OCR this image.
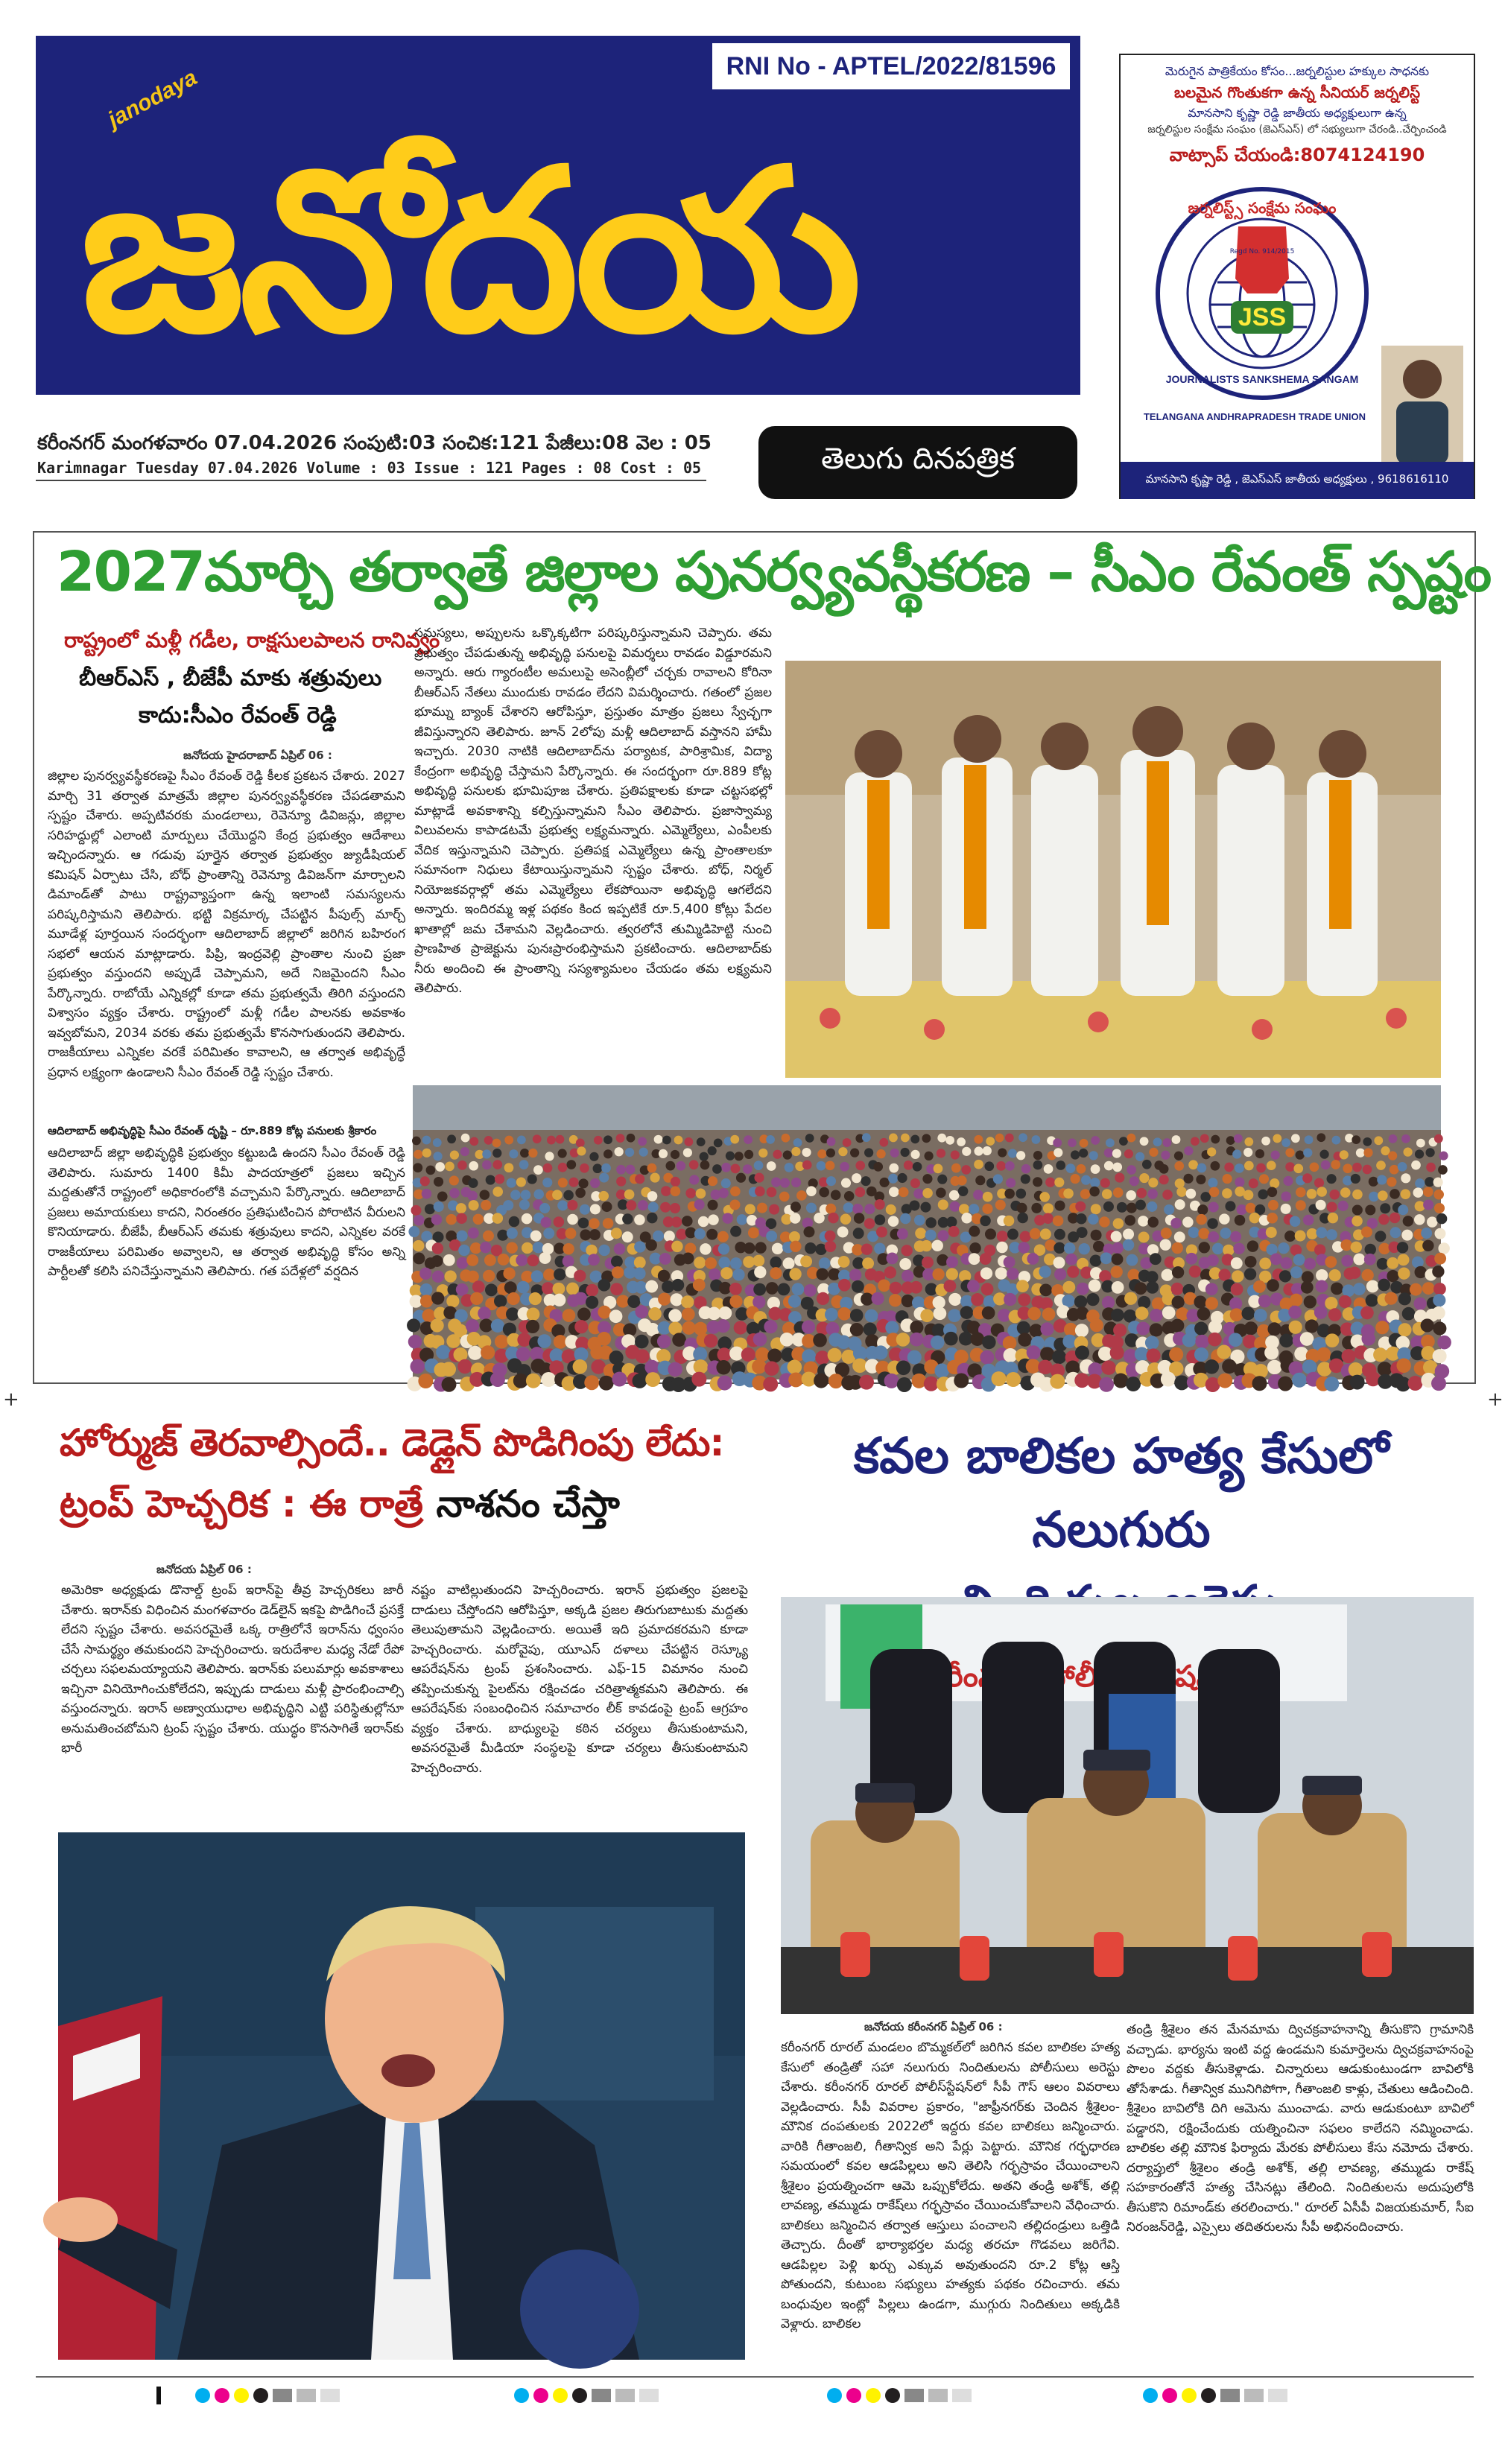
RNI No - APTEL/2022/81596
janodaya
జనోదయ
కరీంనగర్ మంగళవారం 07.04.2026 సంపుటి:03 సంచిక:121 పేజీలు:08 వెల : 05
Karimnagar Tuesday 07.04.2026 Volume : 03 Issue : 121 Pages : 08 Cost : 05	తెలుగు దినపత్రిక
మెరుగైన పాత్రికేయం కోసం...జర్నలిస్టుల హక్కుల సాధనకు
బలమైన గొంతుకగా ఉన్న సీనియర్ జర్నలిస్ట్
మానసాని కృష్ణా రెడ్డి జాతీయ అధ్యక్షులుగా ఉన్న
జర్నలిస్టుల సంక్షేమ సంఘం (జెఎస్ఎస్) లో సభ్యులుగా చేరండి..చేర్పించండి
వాట్సాప్ చేయండి:8074124190
JSS
జర్నలిస్ట్స్ సంక్షేమ సంఘం
Regd No. 914/2015
JOURNALISTS SANKSHEMA SANGAM
TELANGANA ANDHRAPRADESH TRADE UNION
మానసాని కృష్ణా రెడ్డి , జెఎస్ఎస్ జాతీయ అధ్యక్షులు , 9618616110
2027మార్చి తర్వాతే జిల్లాల పునర్వ్యవస్థీకరణ – సీఎం రేవంత్ స్పష్టం
రాష్ట్రంలో మళ్లీ గడీల, రాక్షసులపాలన రానివ్వం
బీఆర్ఎస్ , బీజేపీ మాకు శత్రువులు
కాదు:సీఎం రేవంత్ రెడ్డి
జనోదయ హైదరాబాద్ ఏప్రిల్ 06 :
జిల్లాల పునర్వ్యవస్థీకరణపై సీఎం రేవంత్ రెడ్డి కీలక ప్రకటన చేశారు. 2027 మార్చి 31 తర్వాత మాత్రమే జిల్లాల పునర్వ్యవస్థీకరణ చేపడతామని స్పష్టం చేశారు. అప్పటివరకు మండలాలు, రెవెన్యూ డివిజన్లు, జిల్లాల సరిహద్దుల్లో ఎలాంటి మార్పులు చేయొద్దని కేంద్ర ప్రభుత్వం ఆదేశాలు ఇచ్చిందన్నారు. ఆ గడువు పూర్తైన తర్వాత ప్రభుత్వం జ్యుడీషియల్ కమిషన్ ఏర్పాటు చేసి, బోధ్ ప్రాంతాన్ని రెవెన్యూ డివిజన్‌గా మార్చాలని డిమాండ్‌తో పాటు రాష్ట్రవ్యాప్తంగా ఉన్న ఇలాంటి సమస్యలను పరిష్కరిస్తామని తెలిపారు. భట్టి విక్రమార్క చేపట్టిన పీపుల్స్ మార్చ్ మూడేళ్ల పూర్తయిన సందర్భంగా ఆదిలాబాద్ జిల్లాలో జరిగిన బహిరంగ సభలో ఆయన మాట్లాడారు. పిప్రి, ఇంద్రవెల్లి ప్రాంతాల నుంచి ప్రజా ప్రభుత్వం వస్తుందని అప్పుడే చెప్పామని, అదే నిజమైందని సీఎం పేర్కొన్నారు. రాబోయే ఎన్నికల్లో కూడా తమ ప్రభుత్వమే తిరిగి వస్తుందని విశ్వాసం వ్యక్తం చేశారు. రాష్ట్రంలో మళ్లీ గడీల పాలనకు అవకాశం ఇవ్వబోమని, 2034 వరకు తమ ప్రభుత్వమే కొనసాగుతుందని తెలిపారు. రాజకీయాలు ఎన్నికల వరకే పరిమితం కావాలని, ఆ తర్వాత అభివృద్ధే ప్రధాన లక్ష్యంగా ఉండాలని సీఎం రేవంత్ రెడ్డి స్పష్టం చేశారు.
ఆదిలాబాద్ అభివృద్ధిపై సీఎం రేవంత్ దృష్టి – రూ.889 కోట్ల పనులకు శ్రీకారం
ఆదిలాబాద్ జిల్లా అభివృద్ధికి ప్రభుత్వం కట్టుబడి ఉందని సీఎం రేవంత్ రెడ్డి తెలిపారు. సుమారు 1400 కిమీ పాదయాత్రలో ప్రజలు ఇచ్చిన మద్దతుతోనే రాష్ట్రంలో అధికారంలోకి వచ్చామని పేర్కొన్నారు. ఆదిలాబాద్ ప్రజలు అమాయకులు కాదని, నిరంతరం ప్రతిఘటించిన పోరాటిన వీరులని కొనియాడారు. బీజేపీ, బీఆర్ఎస్ తమకు శత్రువులు కాదని, ఎన్నికల వరకే రాజకీయాలు పరిమితం అవ్వాలని, ఆ తర్వాత అభివృద్ధి కోసం అన్ని పార్టీలతో కలిసి పనిచేస్తున్నామని తెలిపారు. గత పదేళ్లలో వర్షదిన
సమస్యలు, అప్పులను ఒక్కొక్కటిగా పరిష్కరిస్తున్నామని చెప్పారు. తమ ప్రభుత్వం చేపడుతున్న అభివృద్ధి పనులపై విమర్శలు రావడం విడ్డూరమని అన్నారు. ఆరు గ్యారంటీల అమలుపై అసెంబ్లీలో చర్చకు రావాలని కోరినా బీఆర్ఎస్ నేతలు ముందుకు రావడం లేదని విమర్శించారు. గతంలో ప్రజల భూమ్ను బ్యాంక్ చేశారని ఆరోపిస్తూ, ప్రస్తుతం మాత్రం ప్రజలు స్వేచ్ఛగా జీవిస్తున్నారని తెలిపారు. జూన్ 2లోపు మళ్లీ ఆదిలాబాద్ వస్తానని హామీ ఇచ్చారు. 2030 నాటికి ఆదిలాబాద్‌ను పర్యాటక, పారిశ్రామిక, విద్యా కేంద్రంగా అభివృద్ధి చేస్తామని పేర్కొన్నారు. ఈ సందర్భంగా రూ.889 కోట్ల అభివృద్ధి పనులకు భూమిపూజ చేశారు. ప్రతిపక్షాలకు కూడా చట్టసభల్లో మాట్లాడే అవకాశాన్ని కల్పిస్తున్నామని సీఎం తెలిపారు. ప్రజాస్వామ్య విలువలను కాపాడటమే ప్రభుత్వ లక్ష్యమన్నారు. ఎమ్మెల్యేలు, ఎంపీలకు వేదిక ఇస్తున్నామని చెప్పారు. ప్రతిపక్ష ఎమ్మెల్యేలు ఉన్న ప్రాంతాలకూ సమానంగా నిధులు కేటాయిస్తున్నామని స్పష్టం చేశారు. బోధ్, నిర్మల్ నియోజకవర్గాల్లో తమ ఎమ్మెల్యేలు లేకపోయినా అభివృద్ధి ఆగలేదని అన్నారు. ఇందిరమ్మ ఇళ్ల పథకం కింద ఇప్పటికే రూ.5,400 కోట్లు పేదల ఖాతాల్లో జమ చేశామని వెల్లడించారు. త్వరలోనే తుమ్మిడిహెట్టి నుంచి ప్రాణహిత ప్రాజెక్టును పునఃప్రారంభిస్తామని ప్రకటించారు. ఆదిలాబాద్‌కు నీరు అందించి ఈ ప్రాంతాన్ని సస్యశ్యామలం చేయడం తమ లక్ష్యమని తెలిపారు.
+	+
హోర్ముజ్ తెరవాల్సిందే.. డెడ్లైన్ పొడిగింపు లేదు:
ట్రంప్ హెచ్చరిక : ఈ రాత్రే నాశనం చేస్తా
జనోదయ ఏప్రిల్ 06 :
అమెరికా అధ్యక్షుడు డొనాల్డ్ ట్రంప్ ఇరాన్‌పై తీవ్ర హెచ్చరికలు జారీ చేశారు. ఇరాన్‌కు విధించిన మంగళవారం డెడ్‌లైన్ ఇకపై పొడిగించే ప్రసక్తే లేదని స్పష్టం చేశారు. అవసరమైతే ఒక్క రాత్రిలోనే ఇరాన్‌ను ధ్వంసం చేసే సామర్థ్యం తమకుందని హెచ్చరించారు. ఇరుదేశాల మధ్య నేడో రేపో చర్చలు సఫలమయ్యాయని తెలిపారు. ఇరాన్‌కు పలుమార్లు అవకాశాలు ఇచ్చినా వినియోగించుకోలేదని, ఇప్పుడు దాడులు మళ్లీ ప్రారంభించాల్సి వస్తుందన్నారు. ఇరాన్ అణ్వాయుధాల అభివృద్ధిని ఎట్టి పరిస్థితుల్లోనూ అనుమతించబోమని ట్రంప్ స్పష్టం చేశారు. యుద్ధం కొనసాగితే ఇరాన్‌కు భారీ
నష్టం వాటిల్లుతుందని హెచ్చరించారు. ఇరాన్ ప్రభుత్వం ప్రజలపై దాడులు చేస్తోందని ఆరోపిస్తూ, అక్కడి ప్రజల తిరుగుబాటుకు మద్దతు తెలుపుతామని వెల్లడించారు. అయితే ఇది ప్రమాదకరమని కూడా హెచ్చరించారు. మరోవైపు, యూఎస్ దళాలు చేపట్టిన రెస్క్యూ ఆపరేషన్‌ను ట్రంప్ ప్రశంసించారు. ఎఫ్-15 విమానం నుంచి తప్పించుకున్న పైలట్‌ను రక్షించడం చరిత్రాత్మకమని తెలిపారు. ఈ ఆపరేషన్‌కు సంబంధించిన సమాచారం లీక్ కావడంపై ట్రంప్ ఆగ్రహం వ్యక్తం చేశారు. బాధ్యులపై కఠిన చర్యలు తీసుకుంటామని, అవసరమైతే మీడియా సంస్థలపై కూడా చర్యలు తీసుకుంటామని హెచ్చరించారు.
కవల బాలికల హత్య కేసులో నలుగురు
పోలీస్ కమిషనరేట్
జనోదయ కరీంనగర్ ఏప్రిల్ 06 :
కరీంనగర్ రూరల్ మండలం బొమ్మకల్‌లో జరిగిన కవల బాలికల హత్య కేసులో తండ్రితో సహా నలుగురు నిందితులను పోలీసులు అరెస్టు చేశారు. కరీంనగర్ రూరల్ పోలీస్‌స్టేషన్‌లో సీపీ గౌస్ ఆలం వివరాలు వెల్లడించారు. సీపీ వివరాల ప్రకారం, "జాఫ్రీనగర్‌కు చెందిన శ్రీశైలం-మౌనిక దంపతులకు 2022లో ఇద్దరు కవల బాలికలు జన్మించారు. వారికి గీతాంజలి, గీతాన్విక అని పేర్లు పెట్టారు. మౌనిక గర్భధారణ సమయంలో కవల ఆడపిల్లలు అని తెలిసి గర్భస్రావం చేయించాలని శ్రీశైలం ప్రయత్నించగా ఆమె ఒప్పుకోలేదు. అతని తండ్రి అశోక్, తల్లి లావణ్య, తమ్ముడు రాకేష్‌లు గర్భస్రావం చేయించుకోవాలని వేధించారు. బాలికలు జన్మించిన తర్వాత ఆస్తులు పంచాలని తల్లిదండ్రులు ఒత్తిడి తెచ్చారు. దీంతో భార్యాభర్తల మధ్య తరచూ గొడవలు జరిగేవి. ఆడపిల్లల పెళ్లి ఖర్చు ఎక్కువ అవుతుందని రూ.2 కోట్ల ఆస్తి పోతుందని, కుటుంబ సభ్యులు హత్యకు పథకం రచించారు. తమ బంధువుల ఇంట్లో పిల్లలు ఉండగా, ముగ్గురు నిందితులు అక్కడికి వెళ్లారు. బాలికల
తండ్రి శ్రీశైలం తన మేనమామ ద్విచక్రవాహనాన్ని తీసుకొని గ్రామానికి వచ్చాడు. భార్యను ఇంటి వద్ద ఉండమని కుమార్తెలను ద్విచక్రవాహనంపై పొలం వద్దకు తీసుకెళ్లాడు. చిన్నారులు ఆడుకుంటుండగా బావిలోకి తోసేశాడు. గీతాన్విక మునిగిపోగా, గీతాంజలి కాళ్లు, చేతులు ఆడించింది. శ్రీశైలం బావిలోకి దిగి ఆమెను ముంచాడు. వారు ఆడుకుంటూ బావిలో పడ్డారని, రక్షించేందుకు యత్నించినా సఫలం కాలేదని నమ్మించాడు. బాలికల తల్లి మౌనిక ఫిర్యాదు మేరకు పోలీసులు కేసు నమోదు చేశారు. దర్యాప్తులో శ్రీశైలం తండ్రి అశోక్, తల్లి లావణ్య, తమ్ముడు రాకేష్ సహకారంతోనే హత్య చేసినట్లు తేలింది. నిందితులను అదుపులోకి తీసుకొని రిమాండ్‌కు తరలించారు." రూరల్ ఏసీపీ విజయకుమార్, సీఐ నిరంజన్‌రెడ్డి, ఎస్సైలు తదితరులను సీపీ అభినందించారు.
